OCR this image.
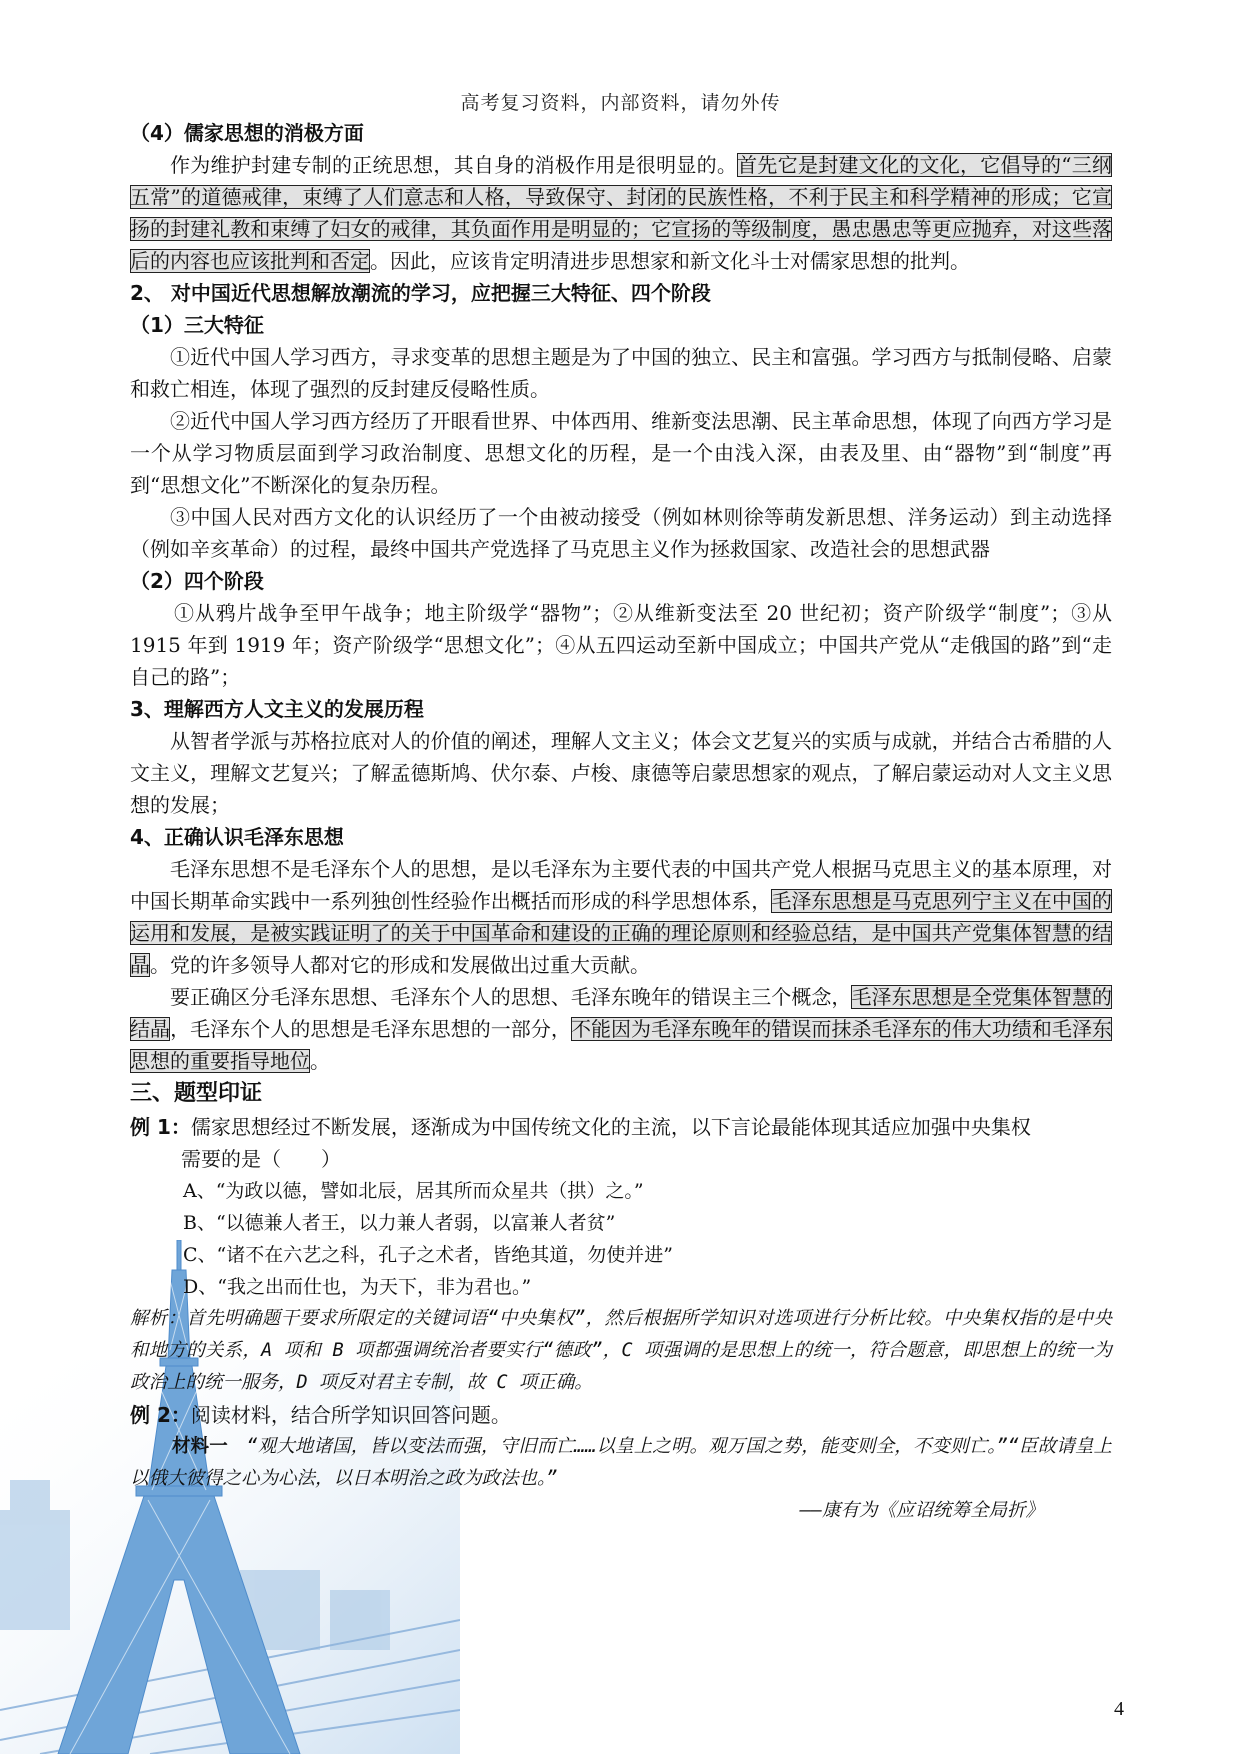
高考复习资料，内部资料，请勿外传
（4）儒家思想的消极方面
作为维护封建专制的正统思想，其自身的消极作用是很明显的。首先它是封建文化的文化，它倡导的“三纲五常”的道德戒律，束缚了人们意志和人格，导致保守、封闭的民族性格，不利于民主和科学精神的形成；它宣扬的封建礼教和束缚了妇女的戒律，其负面作用是明显的；它宣扬的等级制度，愚忠愚忠等更应抛弃，对这些落后的内容也应该批判和否定。因此，应该肯定明清进步思想家和新文化斗士对儒家思想的批判。
2、 对中国近代思想解放潮流的学习，应把握三大特征、四个阶段
（1）三大特征
①近代中国人学习西方，寻求变革的思想主题是为了中国的独立、民主和富强。学习西方与抵制侵略、启蒙和救亡相连，体现了强烈的反封建反侵略性质。
②近代中国人学习西方经历了开眼看世界、中体西用、维新变法思潮、民主革命思想，体现了向西方学习是一个从学习物质层面到学习政治制度、思想文化的历程，是一个由浅入深，由表及里、由“器物”到“制度”再到“思想文化”不断深化的复杂历程。
③中国人民对西方文化的认识经历了一个由被动接受（例如林则徐等萌发新思想、洋务运动）到主动选择（例如辛亥革命）的过程，最终中国共产党选择了马克思主义作为拯救国家、改造社会的思想武器
（2）四个阶段
①从鸦片战争至甲午战争；地主阶级学“器物”；②从维新变法至 20 世纪初；资产阶级学“制度”；③从 1915 年到 1919 年；资产阶级学“思想文化”；④从五四运动至新中国成立；中国共产党从“走俄国的路”到“走自己的路”；
3、理解西方人文主义的发展历程
从智者学派与苏格拉底对人的价值的阐述，理解人文主义；体会文艺复兴的实质与成就，并结合古希腊的人文主义，理解文艺复兴；了解孟德斯鸠、伏尔泰、卢梭、康德等启蒙思想家的观点，了解启蒙运动对人文主义思想的发展；
4、正确认识毛泽东思想
毛泽东思想不是毛泽东个人的思想，是以毛泽东为主要代表的中国共产党人根据马克思主义的基本原理，对中国长期革命实践中一系列独创性经验作出概括而形成的科学思想体系，毛泽东思想是马克思列宁主义在中国的运用和发展，是被实践证明了的关于中国革命和建设的正确的理论原则和经验总结，是中国共产党集体智慧的结晶。党的许多领导人都对它的形成和发展做出过重大贡献。
要正确区分毛泽东思想、毛泽东个人的思想、毛泽东晚年的错误主三个概念，毛泽东思想是全党集体智慧的结晶，毛泽东个人的思想是毛泽东思想的一部分，不能因为毛泽东晚年的错误而抹杀毛泽东的伟大功绩和毛泽东思想的重要指导地位。
三、题型印证
例 1：儒家思想经过不断发展，逐渐成为中国传统文化的主流，以下言论最能体现其适应加强中央集权
需要的是（　　）
A、“为政以德，譬如北辰，居其所而众星共（拱）之。”
B、“以德兼人者王，以力兼人者弱，以富兼人者贫”
C、“诸不在六艺之科，孔子之术者，皆绝其道，勿使并进”
D、“我之出而仕也，为天下，非为君也。”
解析：首先明确题干要求所限定的关键词语“中央集权”，然后根据所学知识对选项进行分析比较。中央集权指的是中央和地方的关系，A 项和 B 项都强调统治者要实行“德政”，C 项强调的是思想上的统一，符合题意，即思想上的统一为政治上的统一服务，D 项反对君主专制，故 C 项正确。
例 2：阅读材料，结合所学知识回答问题。
材料一　“观大地诸国，皆以变法而强，守旧而亡……以皇上之明。观万国之势，能变则全，不变则亡。”“臣故请皇上以俄大彼得之心为心法，以日本明治之政为政法也。”
——康有为《应诏统筹全局折》
4
